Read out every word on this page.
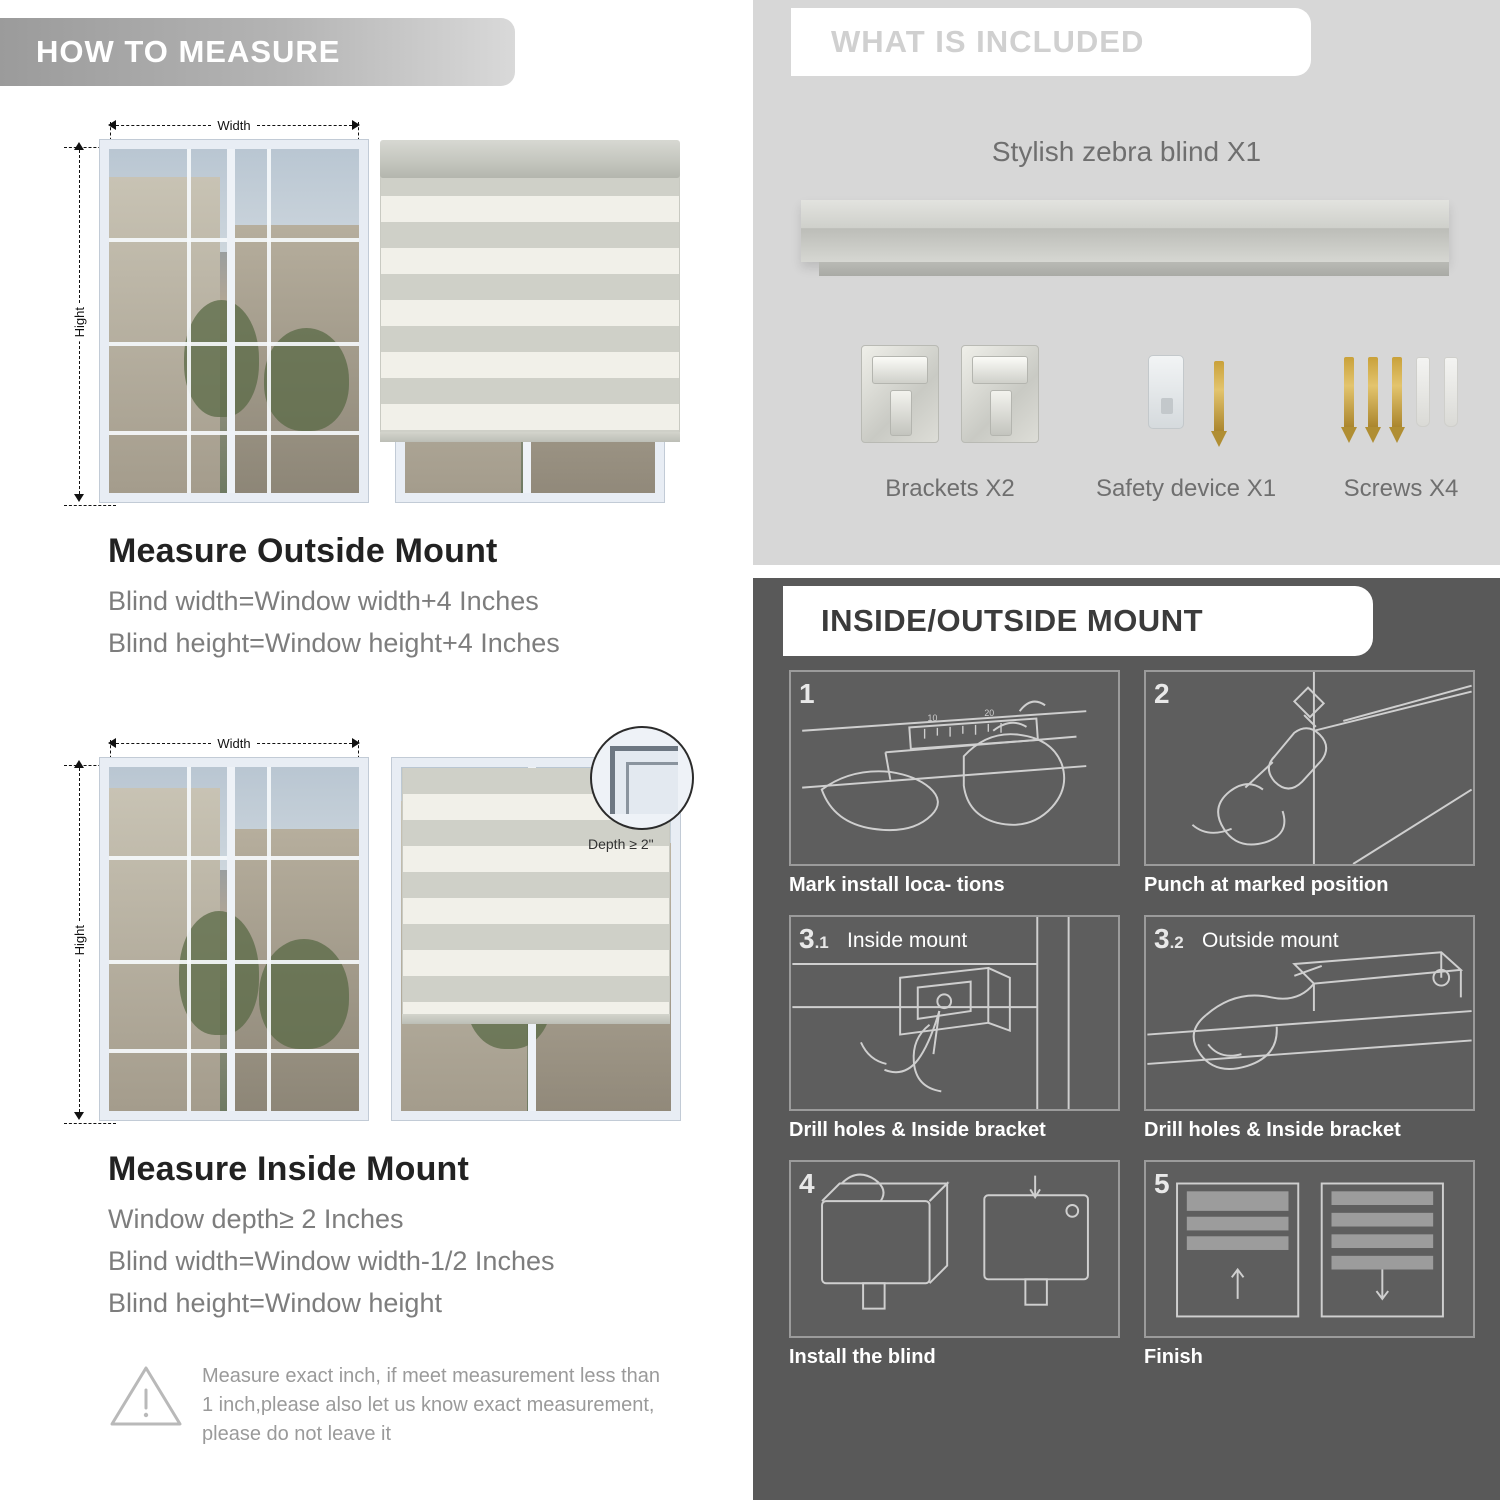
HOW TO MEASURE
Width
Hight
Measure Outside Mount
Blind width=Window width+4 Inches
Blind height=Window height+4 Inches
Width
Hight
Depth ≥ 2"
Measure Inside Mount
Window depth≥ 2 Inches
Blind width=Window width-1/2 Inches
Blind height=Window height
Measure exact inch, if meet measurement less than 1 inch,please also let us know exact measurement, please do not leave it
WHAT IS INCLUDED
Stylish zebra blind X1
Brackets X2	Safety device X1	Screws X4
INSIDE/OUTSIDE MOUNT
1
10	20
Mark install loca- tions
2
Punch at marked position
3.1 Inside mount
Drill holes & Inside bracket
3.2 Outside mount
Drill holes & Inside bracket
4
Install the blind
5
Finish
